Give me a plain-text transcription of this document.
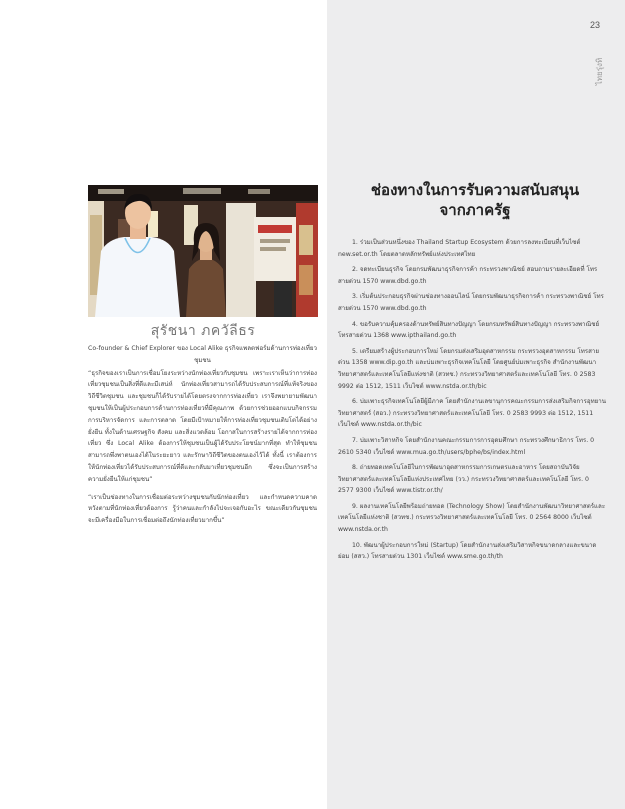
23
ไทยรุ่งทิ
สุรัชนา ภควัลีธร

Co-founder & Chief Explorer ของ Local Alike ธุรกิจแพลตฟอร์มด้านการท่องเที่ยวชุมชน

“ธุรกิจของเราเป็นการเชื่อมโยงระหว่างนักท่องเที่ยวกับชุมชน เพราะเราเห็นว่าการท่องเที่ยวชุมชนเป็นสิ่งที่ดีและมีเสน่ห์ นักท่องเที่ยวสามารถได้รับประสบการณ์ที่แท้จริงของวิถีชีวิตชุมชน และชุมชนก็ได้รับรายได้โดยตรงจากการท่องเที่ยว เราจึงพยายามพัฒนาชุมชนให้เป็นผู้ประกอบการด้านการท่องเที่ยวที่มีคุณภาพ ด้วยการช่วยออกแบบกิจกรรม การบริหารจัดการ และการตลาด โดยมีเป้าหมายให้การท่องเที่ยวชุมชนเติบโตได้อย่างยั่งยืน ทั้งในด้านเศรษฐกิจ สังคม และสิ่งแวดล้อม โอกาสในการสร้างรายได้จากการท่องเที่ยว ซึ่ง Local Alike ต้องการให้ชุมชนเป็นผู้ได้รับประโยชน์มากที่สุด ทำให้ชุมชนสามารถพึ่งพาตนเองได้ในระยะยาว และรักษาวิถีชีวิตของตนเองไว้ได้ ทั้งนี้ เราต้องการให้นักท่องเที่ยวได้รับประสบการณ์ที่ดีและกลับมาเที่ยวชุมชนอีก ซึ่งจะเป็นการสร้างความยั่งยืนให้แก่ชุมชน”

“เราเป็นช่องทางในการเชื่อมต่อระหว่างชุมชนกับนักท่องเที่ยว และกำหนดความคาดหวังตามที่นักท่องเที่ยวต้องการ รู้ว่าคนและกำลังไปจะเจอกับอะไร ขณะเดียวกันชุมชนจะมีเครื่องมือในการเชื่อมต่อถึงนักท่องเที่ยวมากขึ้น”

ช่องทางในการรับความสนับสนุน
จากภาครัฐ

1. ร่วมเป็นส่วนหนึ่งของ Thailand Startup Ecosystem ด้วยการลงทะเบียนที่เว็บไซต์ new.set.or.th โดยตลาดหลักทรัพย์แห่งประเทศไทย

2. จดทะเบียนธุรกิจ โดยกรมพัฒนาธุรกิจการค้า กระทรวงพาณิชย์ สอบถามรายละเอียดที่ โทรสายด่วน 1570 www.dbd.go.th

3. เริ่มต้นประกอบธุรกิจผ่านช่องทางออนไลน์ โดยกรมพัฒนาธุรกิจการค้า กระทรวงพาณิชย์ โทรสายด่วน 1570 www.dbd.go.th

4. ขอรับความคุ้มครองด้านทรัพย์สินทางปัญญา โดยกรมทรัพย์สินทางปัญญา กระทรวงพาณิชย์ โทรสายด่วน 1368 www.ipthailand.go.th

5. เตรียมสร้างผู้ประกอบการใหม่ โดยกรมส่งเสริมอุตสาหกรรม กระทรวงอุตสาหกรรม โทรสายด่วน 1358 www.dip.go.th และบ่มเพาะธุรกิจเทคโนโลยี โดยศูนย์บ่มเพาะธุรกิจ สำนักงานพัฒนาวิทยาศาสตร์และเทคโนโลยีแห่งชาติ (สวทช.) กระทรวงวิทยาศาสตร์และเทคโนโลยี โทร. 0 2583 9992 ต่อ 1512, 1511 เว็บไซต์ www.nstda.or.th/bic

6. บ่มเพาะธุรกิจเทคโนโลยีผู้มีภาค โดยสำนักงานเลขานุการคณะกรรมการส่งเสริมกิจการอุทยานวิทยาศาสตร์ (สอว.) กระทรวงวิทยาศาสตร์และเทคโนโลยี โทร. 0 2583 9993 ต่อ 1512, 1511 เว็บไซต์ www.nstda.or.th/bic

7. บ่มเพาะวิสาหกิจ โดยสำนักงานคณะกรรมการการอุดมศึกษา กระทรวงศึกษาธิการ โทร. 0 2610 5340 เว็บไซต์ www.mua.go.th/users/bphe/bs/index.html

8. ถ่ายทอดเทคโนโลยีในการพัฒนาอุตสาหกรรมการเกษตรและอาหาร โดยสถาบันวิจัยวิทยาศาสตร์และเทคโนโลยีแห่งประเทศไทย (วว.) กระทรวงวิทยาศาสตร์และเทคโนโลยี โทร. 0 2577 9300 เว็บไซต์ www.tistr.or.th/

9. ผลงานเทคโนโลยีพร้อมถ่ายทอด (Technology Show) โดยสำนักงานพัฒนาวิทยาศาสตร์และเทคโนโลยีแห่งชาติ (สวทช.) กระทรวงวิทยาศาสตร์และเทคโนโลยี โทร. 0 2564 8000 เว็บไซต์ www.nstda.or.th

10. พัฒนาผู้ประกอบการใหม่ (Startup) โดยสำนักงานส่งเสริมวิสาหกิจขนาดกลางและขนาดย่อม (สสว.) โทรสายด่วน 1301 เว็บไซต์ www.sme.go.th/th
